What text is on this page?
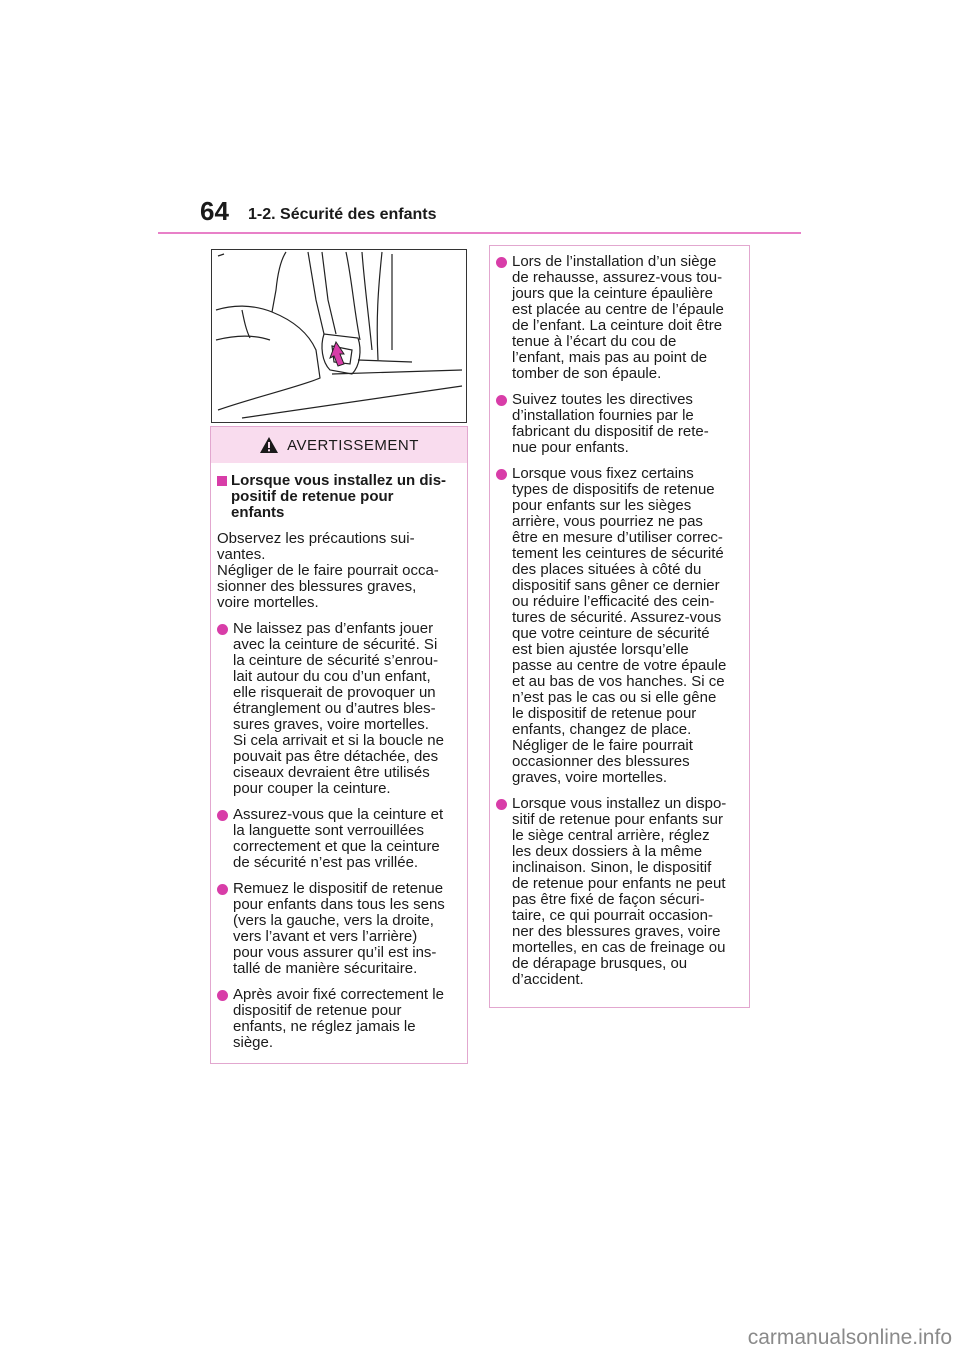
64 1-2. Sécurité des enfants
AVERTISSEMENT
Lorsque vous installez un dis-
positif de retenue pour
enfants

Observez les précautions sui-
vantes.
Négliger de le faire pourrait occa-
sionner des blessures graves,
voire mortelles.

Ne laissez pas d’enfants jouer
avec la ceinture de sécurité. Si
la ceinture de sécurité s’enrou-
lait autour du cou d’un enfant,
elle risquerait de provoquer un
étranglement ou d’autres bles-
sures graves, voire mortelles.
Si cela arrivait et si la boucle ne
pouvait pas être détachée, des
ciseaux devraient être utilisés
pour couper la ceinture.
Assurez-vous que la ceinture et
la languette sont verrouillées
correctement et que la ceinture
de sécurité n’est pas vrillée.
Remuez le dispositif de retenue
pour enfants dans tous les sens
(vers la gauche, vers la droite,
vers l’avant et vers l’arrière)
pour vous assurer qu’il est ins-
tallé de manière sécuritaire.
Après avoir fixé correctement le
dispositif de retenue pour
enfants, ne réglez jamais le
siège.
Lors de l’installation d’un siège
de rehausse, assurez-vous tou-
jours que la ceinture épaulière
est placée au centre de l’épaule
de l’enfant. La ceinture doit être
tenue à l’écart du cou de
l’enfant, mais pas au point de
tomber de son épaule.
Suivez toutes les directives
d’installation fournies par le
fabricant du dispositif de rete-
nue pour enfants.
Lorsque vous fixez certains
types de dispositifs de retenue
pour enfants sur les sièges
arrière, vous pourriez ne pas
être en mesure d’utiliser correc-
tement les ceintures de sécurité
des places situées à côté du
dispositif sans gêner ce dernier
ou réduire l’efficacité des cein-
tures de sécurité. Assurez-vous
que votre ceinture de sécurité
est bien ajustée lorsqu’elle
passe au centre de votre épaule
et au bas de vos hanches. Si ce
n’est pas le cas ou si elle gêne
le dispositif de retenue pour
enfants, changez de place.
Négliger de le faire pourrait
occasionner des blessures
graves, voire mortelles.
Lorsque vous installez un dispo-
sitif de retenue pour enfants sur
le siège central arrière, réglez
les deux dossiers à la même
inclinaison. Sinon, le dispositif
de retenue pour enfants ne peut
pas être fixé de façon sécuri-
taire, ce qui pourrait occasion-
ner des blessures graves, voire
mortelles, en cas de freinage ou
de dérapage brusques, ou
d’accident.
carmanualsonline.info
